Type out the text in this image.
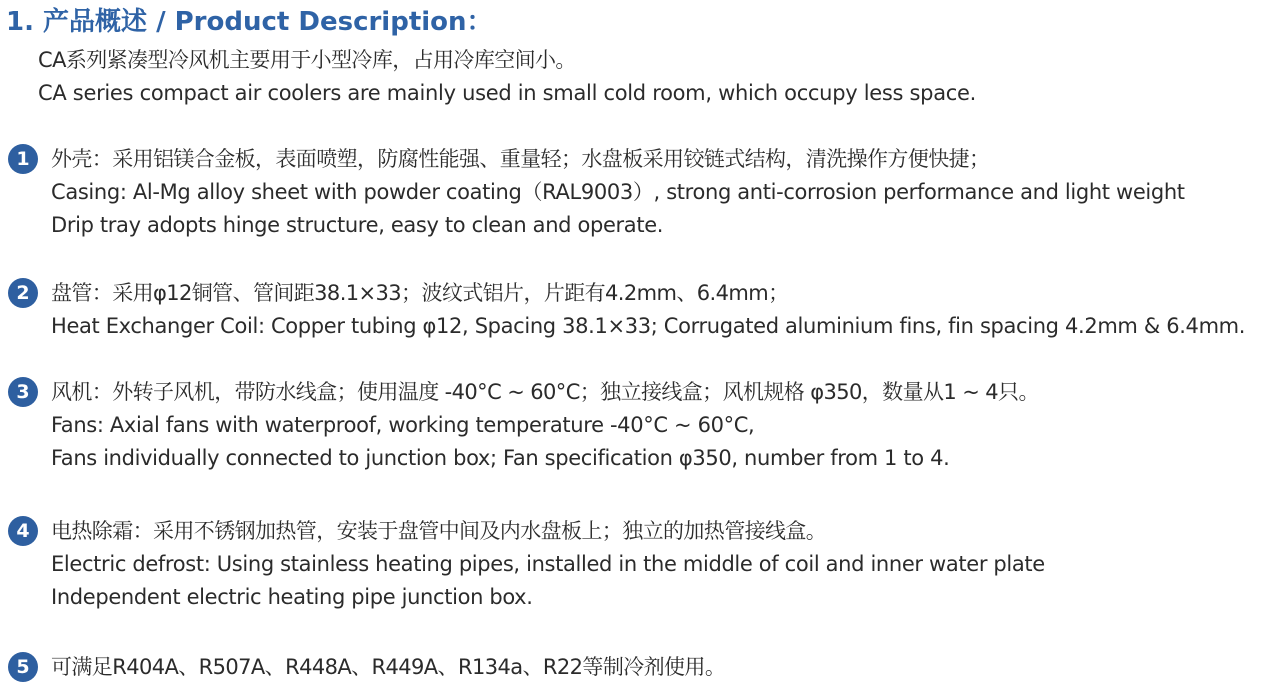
1. 产品概述 / Product Description：
CA系列紧凑型冷风机主要用于小型冷库，占用冷库空间小。
CA series compact air coolers are mainly used in small cold room, which occupy less space.
1	外壳：采用铝镁合金板，表面喷塑，防腐性能强、重量轻；水盘板采用铰链式结构，清洗操作方便快捷；
Casing: Al-Mg alloy sheet with powder coating（RAL9003）, strong anti-corrosion performance and light weight
Drip tray adopts hinge structure, easy to clean and operate.
2	盘管：采用φ12铜管、管间距38.1×33；波纹式铝片，片距有4.2mm、6.4mm；
Heat Exchanger Coil: Copper tubing φ12, Spacing 38.1×33; Corrugated aluminium fins, fin spacing 4.2mm & 6.4mm.
3	风机：外转子风机，带防水线盒；使用温度 -40°C ~ 60°C；独立接线盒；风机规格 φ350，数量从1 ~ 4只。
Fans: Axial fans with waterproof, working temperature -40°C ~ 60°C,
Fans individually connected to junction box; Fan specification φ350, number from 1 to 4.
4	电热除霜：采用不锈钢加热管，安装于盘管中间及内水盘板上；独立的加热管接线盒。
Electric defrost: Using stainless heating pipes, installed in the middle of coil and inner water plate
Independent electric heating pipe junction box.
5	可满足R404A、R507A、R448A、R449A、R134a、R22等制冷剂使用。
